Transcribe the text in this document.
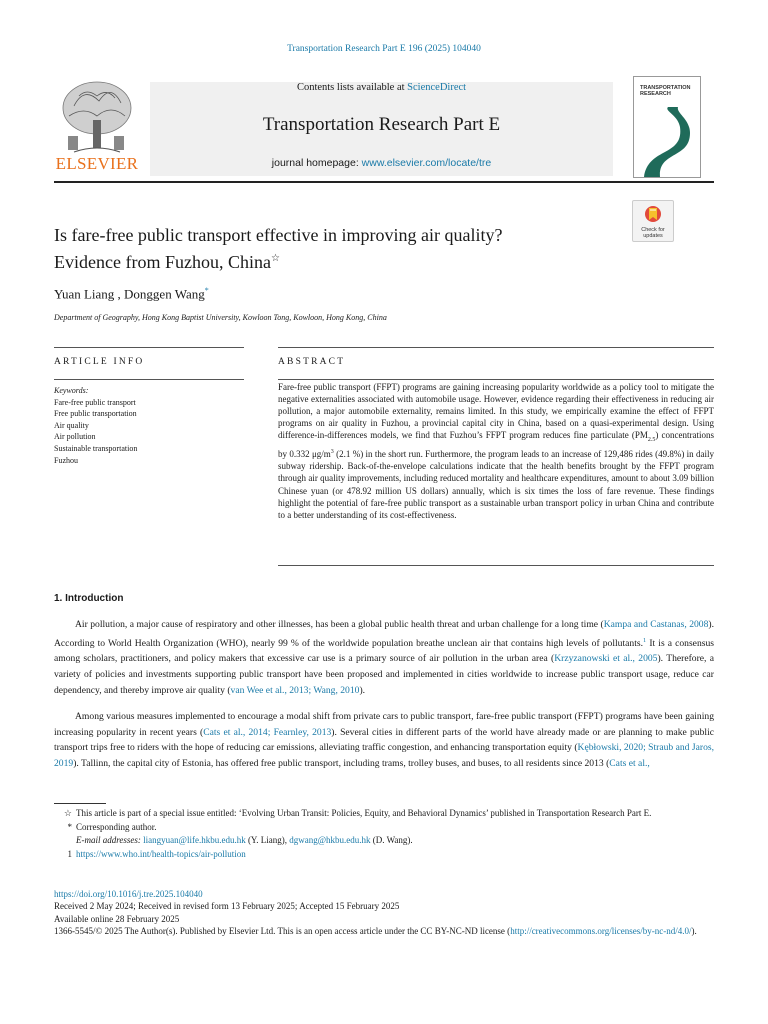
Transportation Research Part E 196 (2025) 104040
ELSEVIER
Contents lists available at ScienceDirect
Transportation Research Part E
journal homepage: www.elsevier.com/locate/tre
TRANSPORTATION RESEARCH
Check for updates
Is fare-free public transport effective in improving air quality?
Evidence from Fuzhou, China☆
Yuan Liang , Donggen Wang*
Department of Geography, Hong Kong Baptist University, Kowloon Tong, Kowloon, Hong Kong, China
ARTICLE INFO	ABSTRACT
Keywords:
Fare-free public transport
Free public transportation
Air quality
Air pollution
Sustainable transportation
Fuzhou
Fare-free public transport (FFPT) programs are gaining increasing popularity worldwide as a policy tool to mitigate the negative externalities associated with automobile usage. However, evidence regarding their effectiveness in reducing air pollution, a major automobile externality, remains limited. In this study, we empirically examine the effect of FFPT programs on air quality in Fuzhou, a provincial capital city in China, based on a quasi-experimental design. Using difference-in-differences models, we find that Fuzhou’s FFPT program reduces fine particulate $(PM_{2.5})$ concentrations by 0.332 $\mu g/m^3$ (2.1 %) in the short run. Furthermore, the program leads to an increase of 129,486 rides (49.8%) in daily subway ridership. Back-of-the-envelope calculations indicate that the health benefits brought by the FFPT program through air quality improvements, including reduced mortality and healthcare expenditures, amount to about 3.09 billion Chinese yuan (or 478.92 million US dollars) annually, which is six times the loss of fare revenue. These findings highlight the potential of fare-free public transport as a sustainable urban transport policy in urban China and contribute to a better understanding of its cost-effectiveness.
1. Introduction
Air pollution, a major cause of respiratory and other illnesses, has been a global public health threat and urban challenge for a long time (Kampa and Castanas, 2008). According to World Health Organization (WHO), nearly 99 % of the worldwide population breathe unclean air that contains high levels of pollutants.$^1$ It is a consensus among scholars, practitioners, and policy makers that excessive car use is a primary source of air pollution in the urban area (Krzyzanowski et al., 2005). Therefore, a variety of policies and investments supporting public transport have been proposed and implemented in cities worldwide to increase public transport usage, reduce car dependency, and thereby improve air quality (van Wee et al., 2013; Wang, 2010).
Among various measures implemented to encourage a modal shift from private cars to public transport, fare-free public transport (FFPT) programs have been gaining increasing popularity in recent years (Cats et al., 2014; Fearnley, 2013). Several cities in different parts of the world have already made or are planning to make public transport trips free to riders with the hope of reducing car emissions, alleviating traffic congestion, and enhancing transportation equity (Kębłowski, 2020; Straub and Jaros, 2019). Tallinn, the capital city of Estonia, has offered free public transport, including trams, trolley buses, and buses, to all residents since 2013 (Cats et al.,
☆ This article is part of a special issue entitled: ‘Evolving Urban Transit: Policies, Equity, and Behavioral Dynamics’ published in Transportation Research Part E.
* Corresponding author.
E-mail addresses: liangyuan@life.hkbu.edu.hk (Y. Liang), dgwang@hkbu.edu.hk (D. Wang).
1 https://www.who.int/health-topics/air-pollution
https://doi.org/10.1016/j.tre.2025.104040
Received 2 May 2024; Received in revised form 13 February 2025; Accepted 15 February 2025
Available online 28 February 2025
1366-5545/© 2025 The Author(s). Published by Elsevier Ltd. This is an open access article under the CC BY-NC-ND license (http://creativecommons.org/licenses/by-nc-nd/4.0/).
